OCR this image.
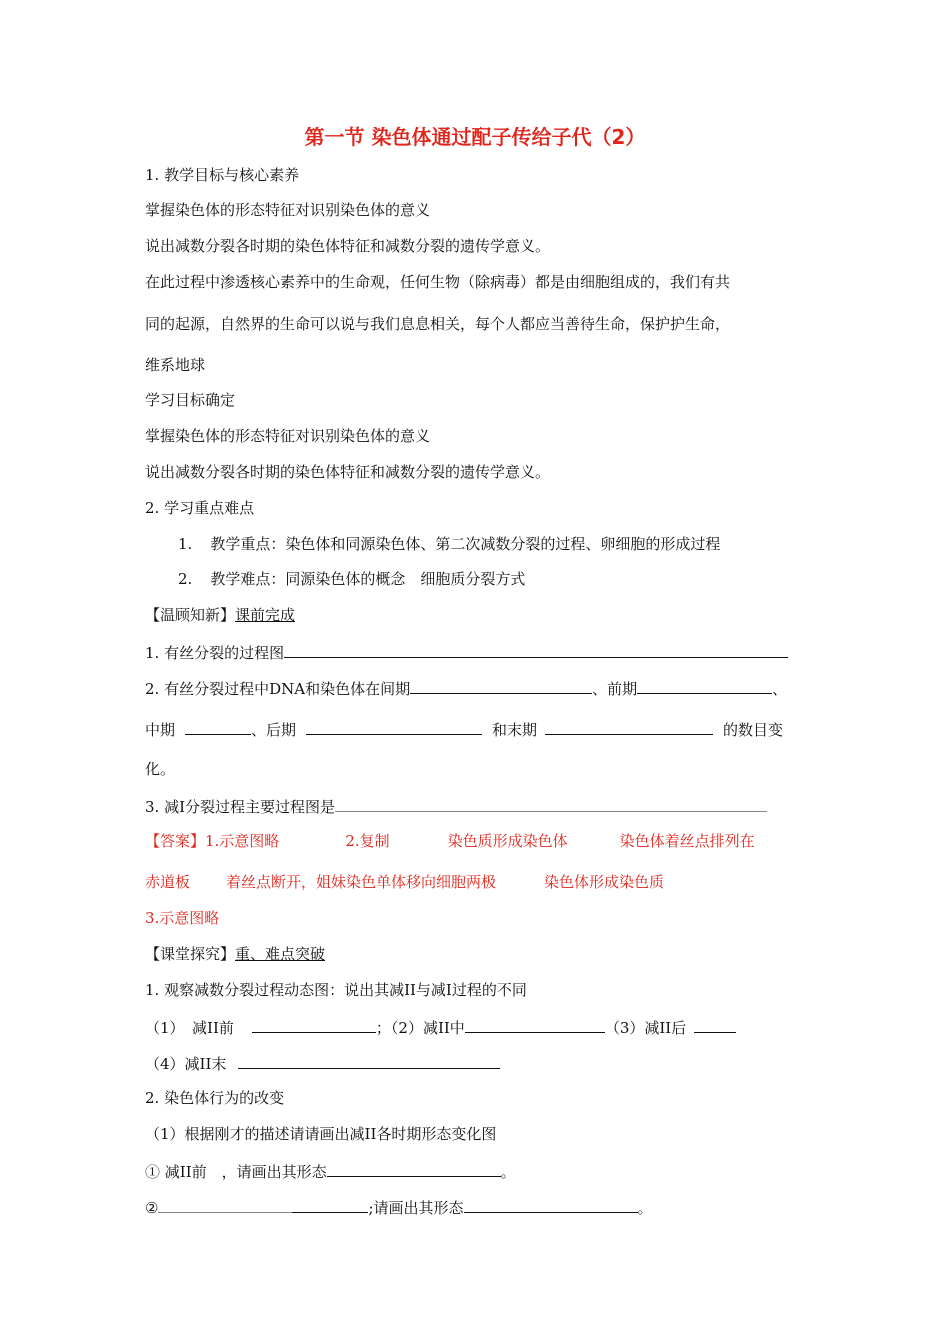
第一节 染色体通过配子传给子代（2）
1. 教学目标与核心素养
掌握染色体的形态特征对识别染色体的意义
说出减数分裂各时期的染色体特征和减数分裂的遗传学意义。
在此过程中渗透核心素养中的生命观，任何生物（除病毒）都是由细胞组成的，我们有共
同的起源，自然界的生命可以说与我们息息相关，每个人都应当善待生命，保护护生命，
维系地球
学习目标确定
掌握染色体的形态特征对识别染色体的意义
说出减数分裂各时期的染色体特征和减数分裂的遗传学意义。
2. 学习重点难点
1. 教学重点：染色体和同源染色体、第二次减数分裂的过程、卵细胞的形成过程
2. 教学难点：同源染色体的概念　细胞质分裂方式
【温顾知新】课前完成
1. 有丝分裂的过程图
2. 有丝分裂过程中DNA和染色体在间期	、前期	、
中期	、后期	和末期	的数目变
化。
3. 减Ⅰ分裂过程主要过程图是
【答案】1.示意图略	2.复制	染色质形成染色体	染色体着丝点排列在
赤道板 着丝点断开，姐妹染色单体移向细胞两极	染色体形成染色质
3.示意图略
【课堂探究】重、难点突破
1. 观察减数分裂过程动态图：说出其减II与减Ⅰ过程的不同
（1）　减II前	；（2）减II中	（3）减II后
（4）减II末
2. 染色体行为的改变
（1）根据刚才的描述请请画出减II各时期形态变化图
① 减II前　，请画出其形态	。
②	;请画出其形态	。
